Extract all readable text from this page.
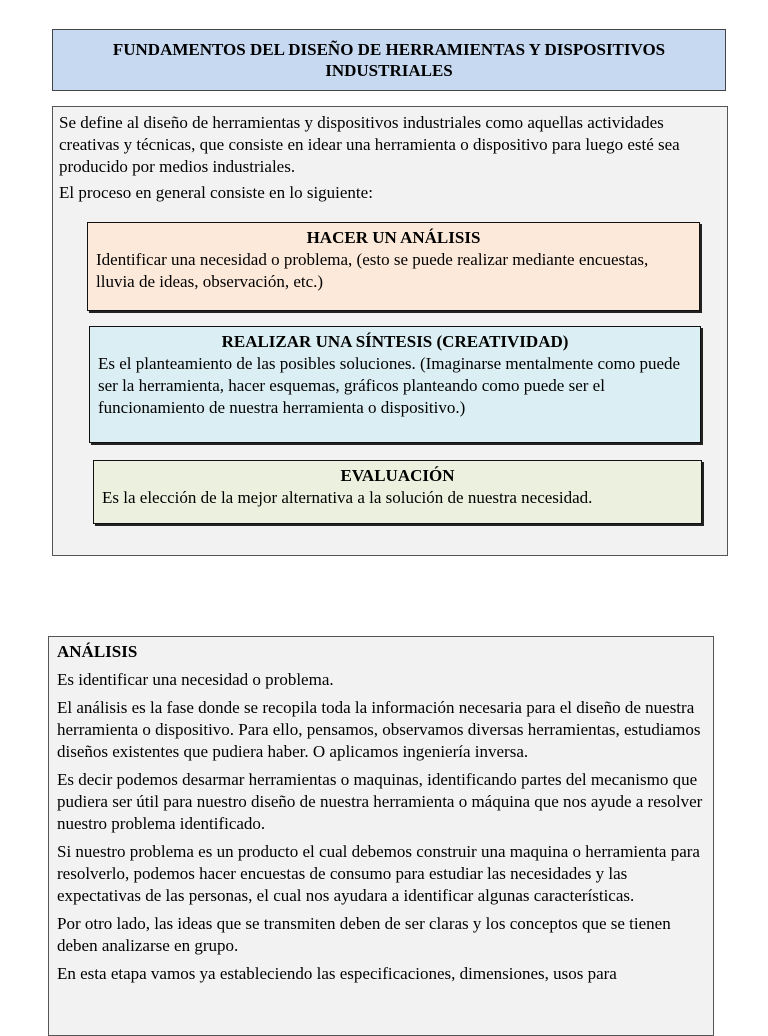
FUNDAMENTOS DEL DISEÑO DE HERRAMIENTAS Y DISPOSITIVOS
INDUSTRIALES

Se define al diseño de herramientas y dispositivos industriales como aquellas actividades creativas y técnicas, que consiste en idear una herramienta o dispositivo para luego esté sea producido por medios industriales.

El proceso en general consiste en lo siguiente:

HACER UN ANÁLISIS
Identificar una necesidad o problema, (esto se puede realizar mediante encuestas, lluvia de ideas, observación, etc.)
REALIZAR UNA SÍNTESIS (CREATIVIDAD)
Es el planteamiento de las posibles soluciones. (Imaginarse mentalmente como puede ser la herramienta, hacer esquemas, gráficos planteando como puede ser el funcionamiento de nuestra herramienta o dispositivo.)
EVALUACIÓN
Es la elección de la mejor alternativa a la solución de nuestra necesidad.

ANÁLISIS

Es identificar una necesidad o problema.

El análisis es la fase donde se recopila toda la información necesaria para el diseño de nuestra herramienta o dispositivo. Para ello, pensamos, observamos diversas herramientas, estudiamos diseños existentes que pudiera haber. O aplicamos ingeniería inversa.

Es decir podemos desarmar herramientas o maquinas, identificando partes del mecanismo que pudiera ser útil para nuestro diseño de nuestra herramienta o máquina que nos ayude a resolver nuestro problema identificado.

Si nuestro problema es un producto el cual debemos construir una maquina o herramienta para resolverlo, podemos hacer encuestas de consumo para estudiar las necesidades y las expectativas de las personas, el cual nos ayudara a identificar algunas características.

Por otro lado, las ideas que se transmiten deben de ser claras y los conceptos que se tienen deben analizarse en grupo.

En esta etapa vamos ya estableciendo las especificaciones, dimensiones, usos para
